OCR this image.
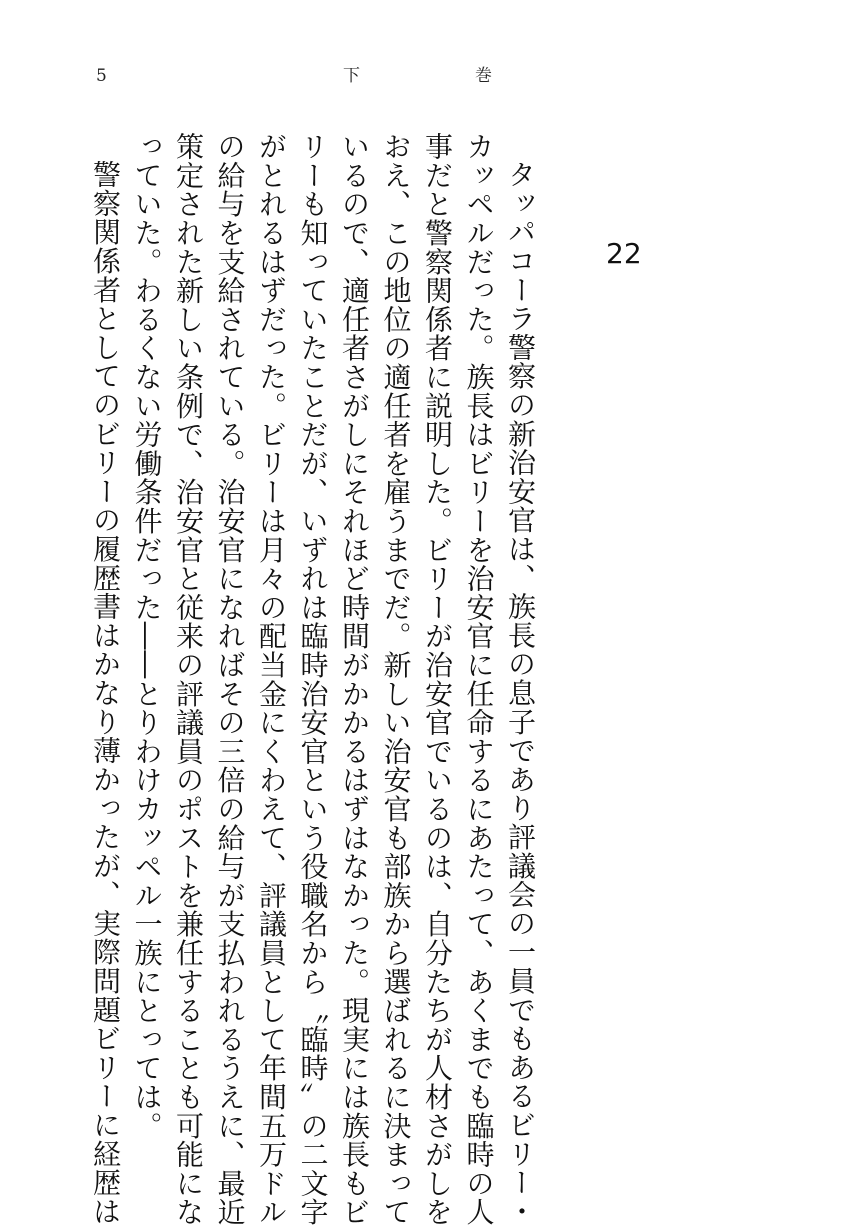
5	下	巻
22

タッパコーラ警察の新治安官は、族長の息子であり評議会の一員でもあるビリー・

カッペルだった。族長はビリーを治安官に任命するにあたって、あくまでも臨時の人

事だと警察関係者に説明した。ビリーが治安官でいるのは、自分たちが人材さがしを

おえ、この地位の適任者を雇うまでだ。新しい治安官も部族から選ばれるに決まって

いるので、適任者さがしにそれほど時間がかかるはずはなかった。現実には族長もビ

リーも知っていたことだが、いずれは臨時治安官という役職名から〝臨時〟の二文字

がとれるはずだった。ビリーは月々の配当金にくわえて、評議員として年間五万ドル

の給与を支給されている。治安官になればその三倍の給与が支払われるうえに、最近

策定された新しい条例で、治安官と従来の評議員のポストを兼任することも可能にな

っていた。わるくない労働条件だった――とりわけカッペル一族にとっては。

警察関係者としてのビリーの履歴書はかなり薄かったが、実際問題ビリーに経歴は
